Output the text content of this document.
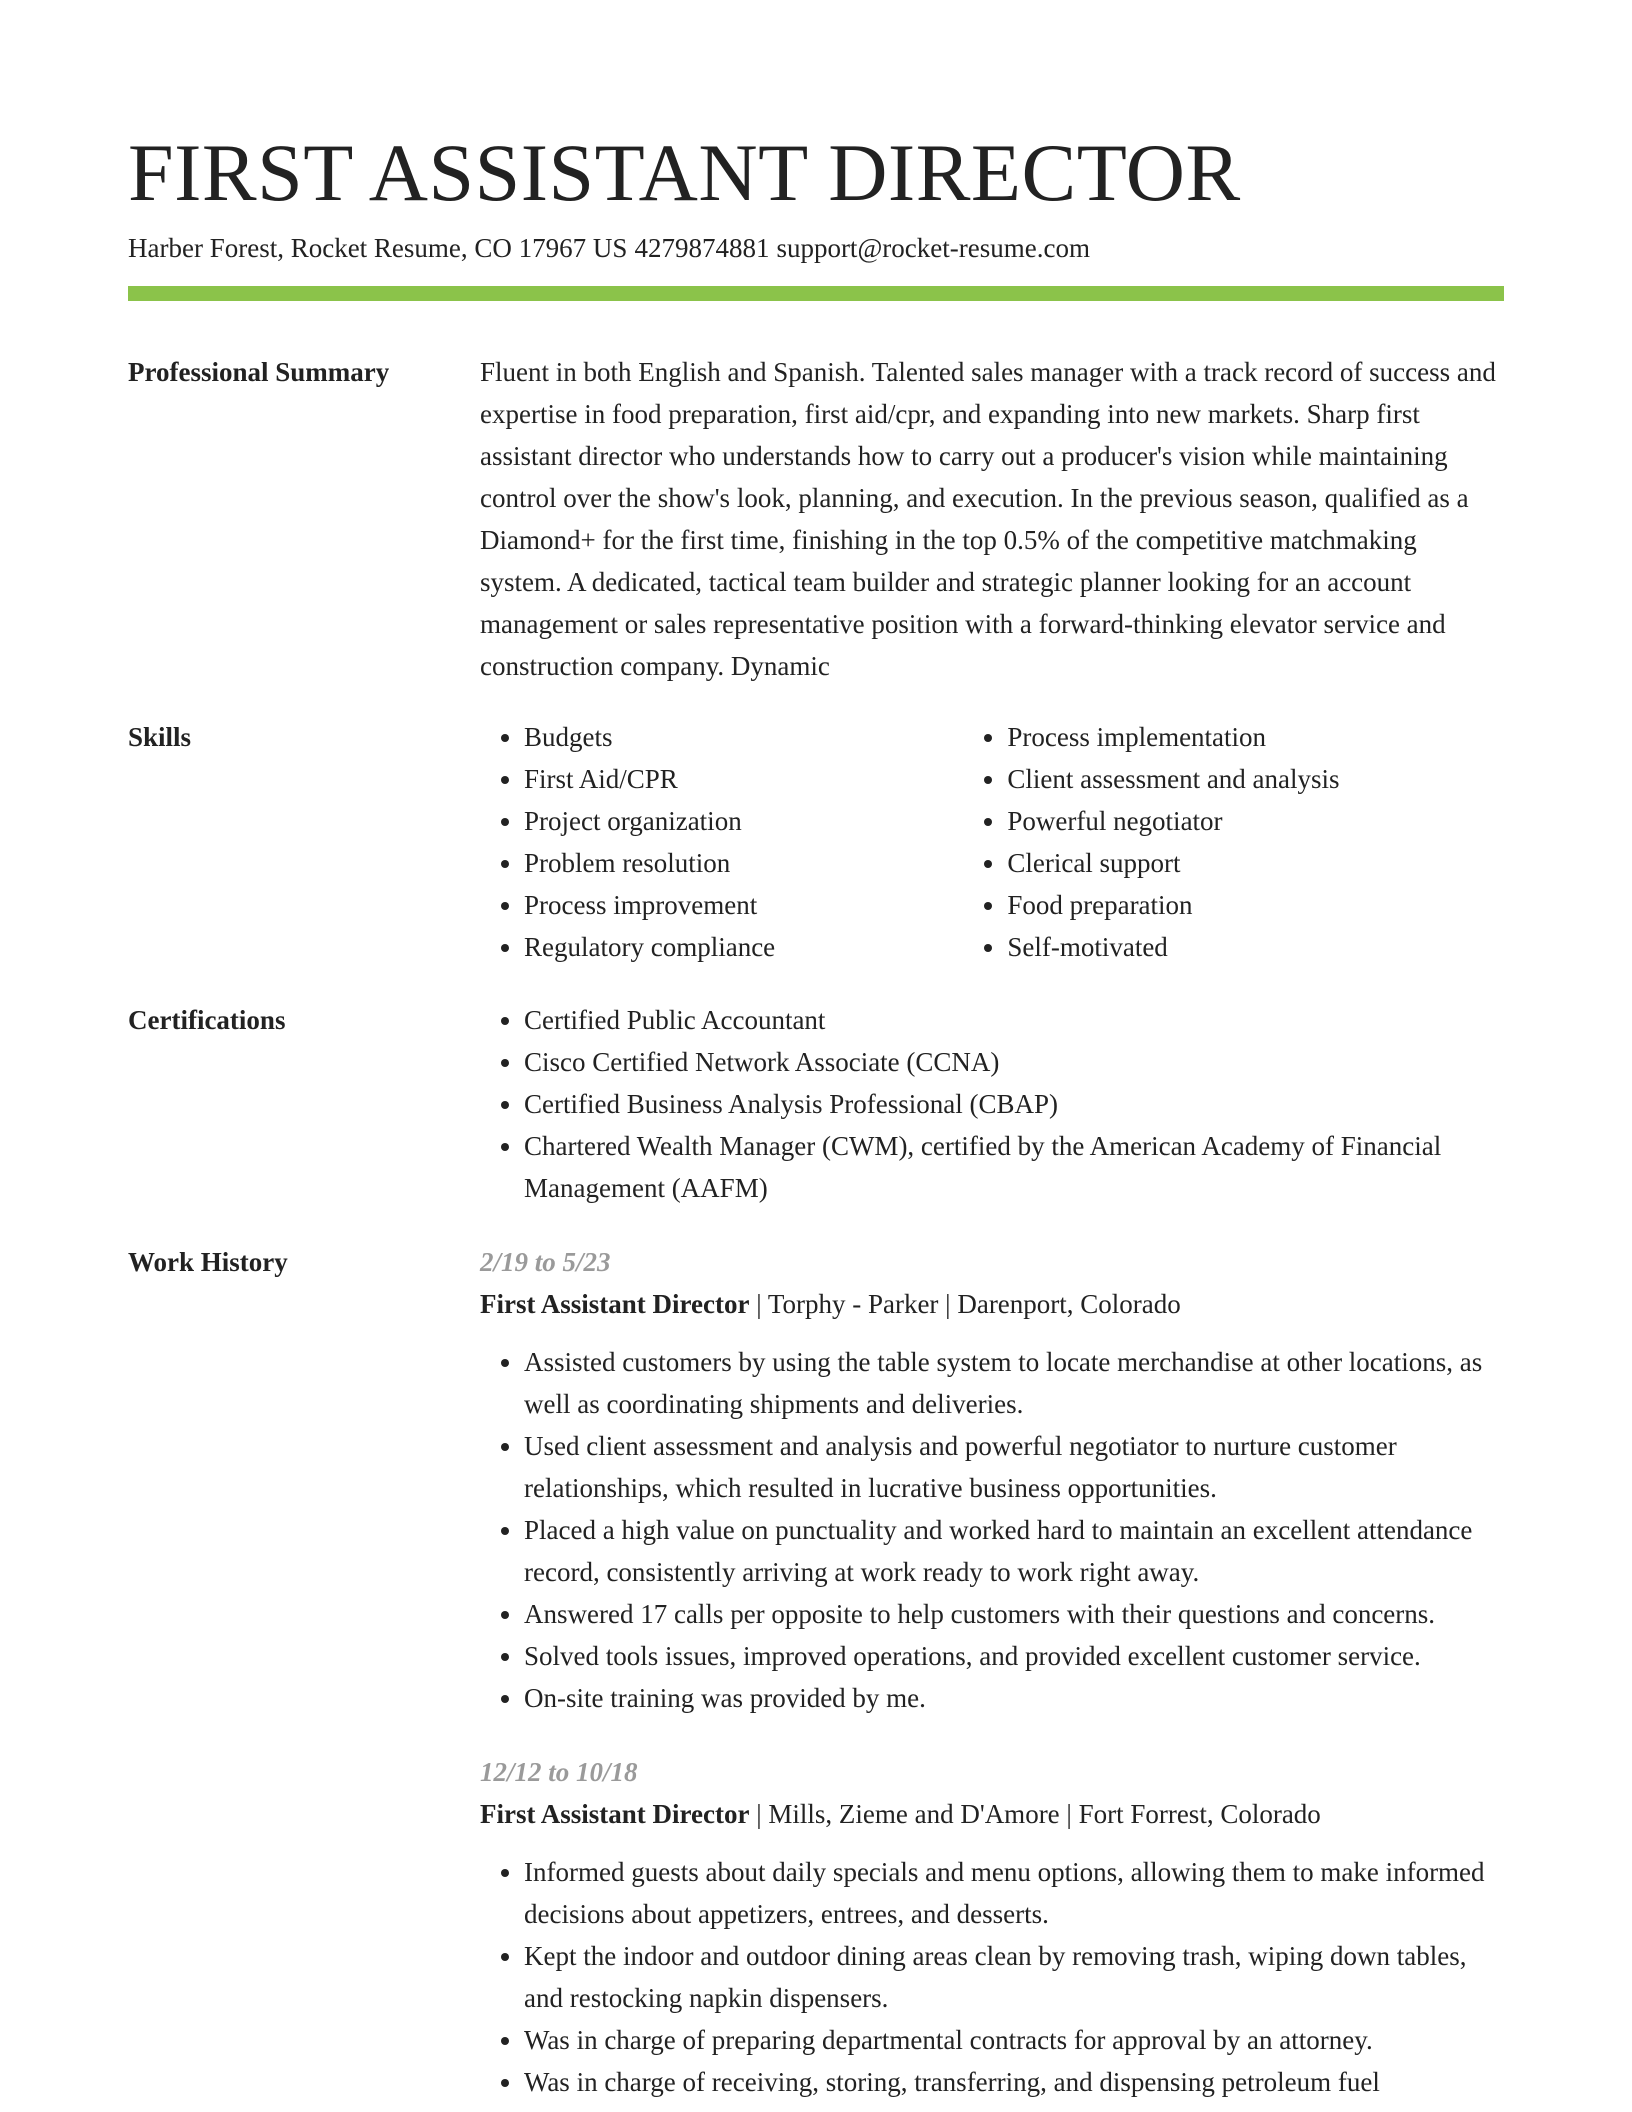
FIRST ASSISTANT DIRECTOR
Harber Forest, Rocket Resume, CO 17967 US 4279874881 support@rocket-resume.com
Professional Summary	Fluent in both English and Spanish. Talented sales manager with a track record of success and expertise in food preparation, first aid/cpr, and expanding into new markets. Sharp first assistant director who understands how to carry out a producer's vision while maintaining control over the show's look, planning, and execution. In the previous season, qualified as a Diamond+ for the first time, finishing in the top 0.5% of the competitive matchmaking system. A dedicated, tactical team builder and strategic planner looking for an account management or sales representative position with a forward-thinking elevator service and construction company. Dynamic

Skills	• Budgets
• First Aid/CPR
• Project organization
• Problem resolution
• Process improvement
• Regulatory compliance
• Process implementation
• Client assessment and analysis
• Powerful negotiator
• Clerical support
• Food preparation
• Self-motivated
Certifications	• Certified Public Accountant
• Cisco Certified Network Associate (CCNA)
• Certified Business Analysis Professional (CBAP)
• Chartered Wealth Manager (CWM), certified by the American Academy of Financial Management (AAFM)
Work History	2/19 to 5/23
First Assistant Director | Torphy - Parker | Darenport, Colorado
• Assisted customers by using the table system to locate merchandise at other locations, as well as coordinating shipments and deliveries.
• Used client assessment and analysis and powerful negotiator to nurture customer relationships, which resulted in lucrative business opportunities.
• Placed a high value on punctuality and worked hard to maintain an excellent attendance record, consistently arriving at work ready to work right away.
• Answered 17 calls per opposite to help customers with their questions and concerns.
• Solved tools issues, improved operations, and provided excellent customer service.
• On-site training was provided by me.
12/12 to 10/18
First Assistant Director | Mills, Zieme and D'Amore | Fort Forrest, Colorado
• Informed guests about daily specials and menu options, allowing them to make informed decisions about appetizers, entrees, and desserts.
• Kept the indoor and outdoor dining areas clean by removing trash, wiping down tables, and restocking napkin dispensers.
• Was in charge of preparing departmental contracts for approval by an attorney.
• Was in charge of receiving, storing, transferring, and dispensing petroleum fuel
